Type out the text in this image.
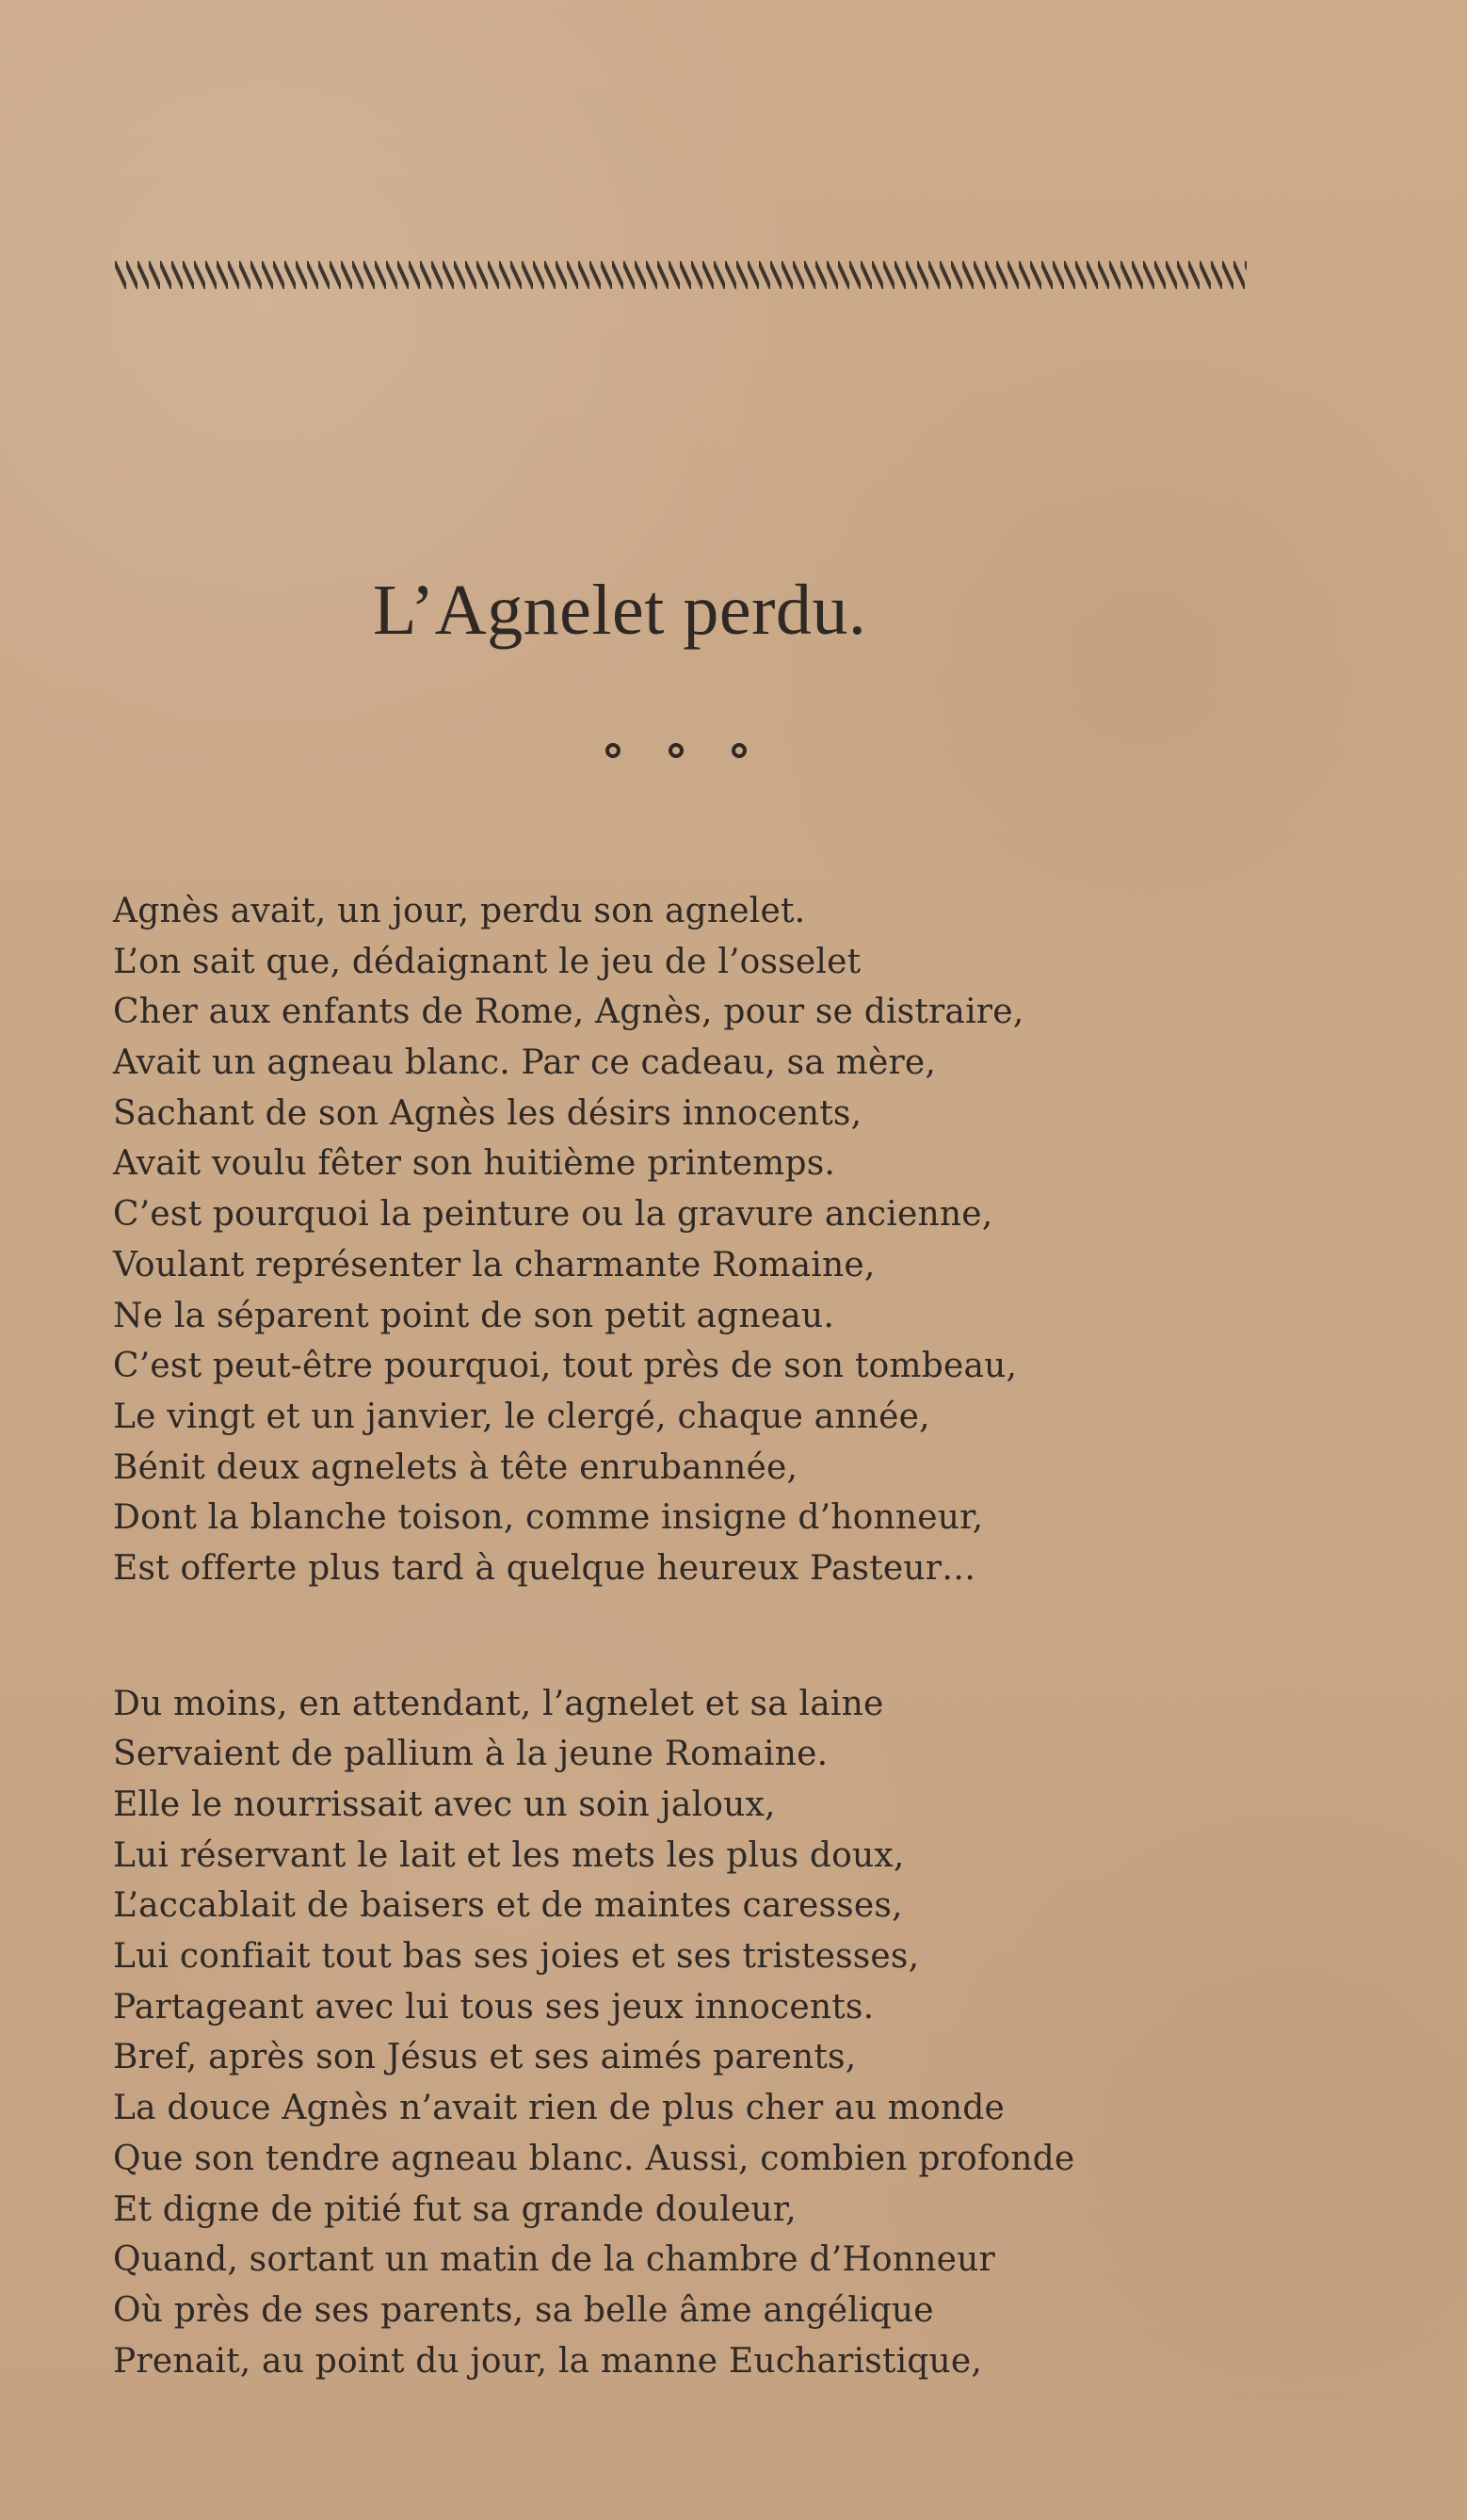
L’Agnelet perdu.
Agnès avait, un jour, perdu son agnelet.
L’on sait que, dédaignant le jeu de l’osselet
Cher aux enfants de Rome, Agnès, pour se distraire,
Avait un agneau blanc. Par ce cadeau, sa mère,
Sachant de son Agnès les désirs innocents,
Avait voulu fêter son huitième printemps.
C’est pourquoi la peinture ou la gravure ancienne,
Voulant représenter la charmante Romaine,
Ne la séparent point de son petit agneau.
C’est peut-être pourquoi, tout près de son tombeau,
Le vingt et un janvier, le clergé, chaque année,
Bénit deux agnelets à tête enrubannée,
Dont la blanche toison, comme insigne d’honneur,
Est offerte plus tard à quelque heureux Pasteur…
Du moins, en attendant, l’agnelet et sa laine
Servaient de pallium à la jeune Romaine.
Elle le nourrissait avec un soin jaloux,
Lui réservant le lait et les mets les plus doux,
L’accablait de baisers et de maintes caresses,
Lui confiait tout bas ses joies et ses tristesses,
Partageant avec lui tous ses jeux innocents.
Bref, après son Jésus et ses aimés parents,
La douce Agnès n’avait rien de plus cher au monde
Que son tendre agneau blanc. Aussi, combien profonde
Et digne de pitié fut sa grande douleur,
Quand, sortant un matin de la chambre d’Honneur
Où près de ses parents, sa belle âme angélique
Prenait, au point du jour, la manne Eucharistique,
